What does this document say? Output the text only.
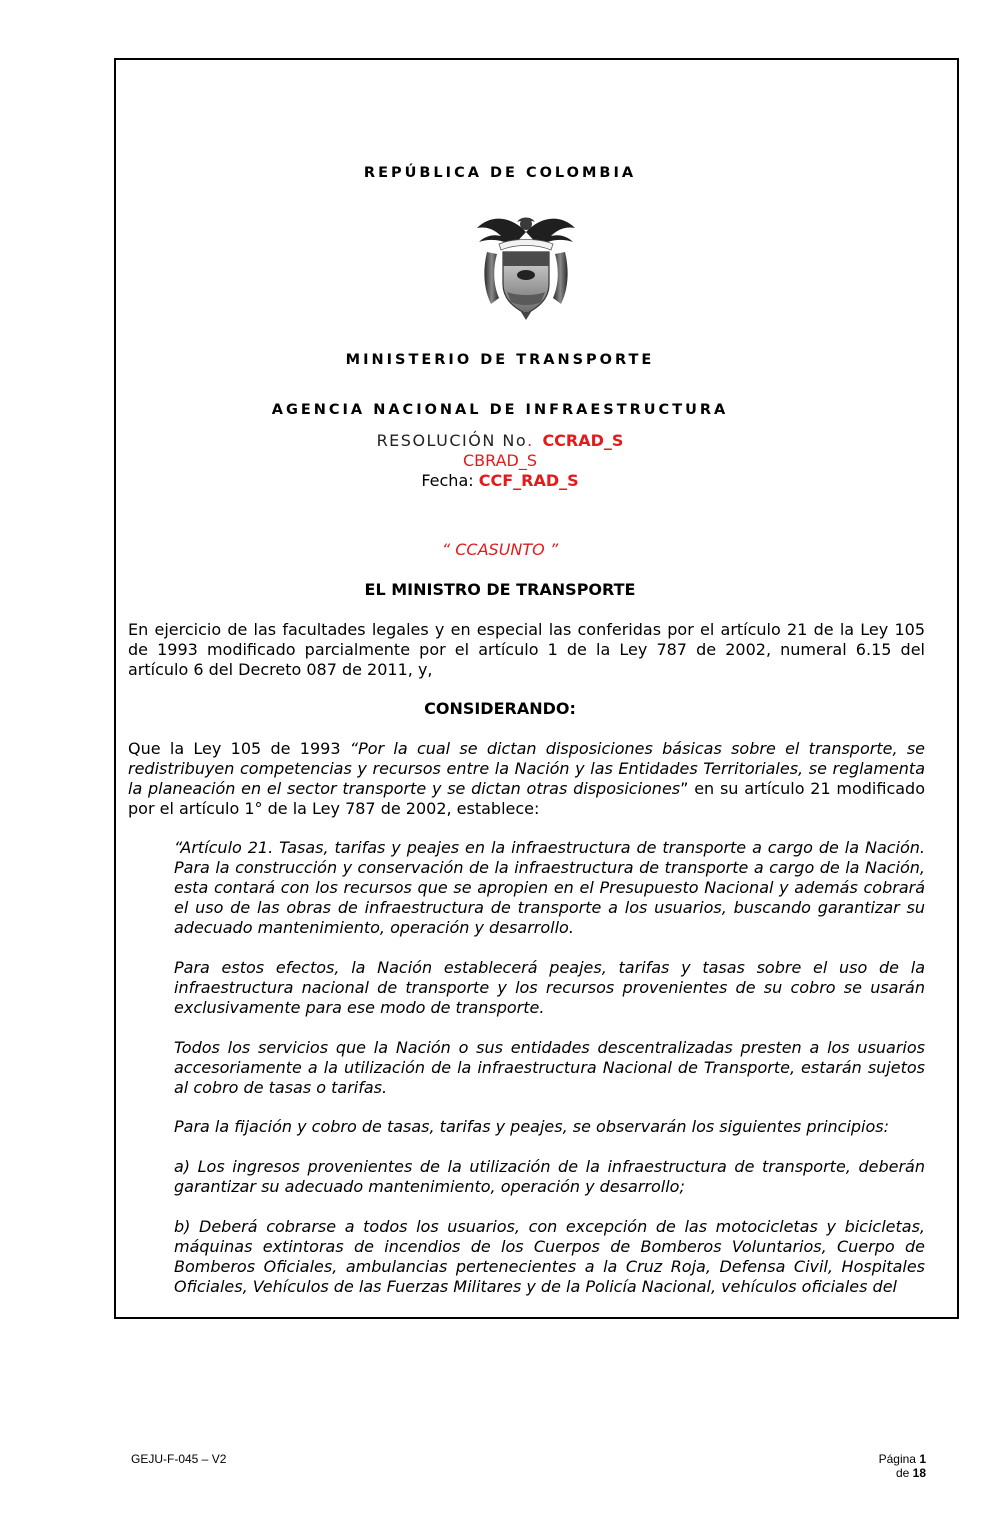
REPÚBLICA DE COLOMBIA
MINISTERIO DE TRANSPORTE
AGENCIA NACIONAL DE INFRAESTRUCTURA
RESOLUCIÓN No. CCRAD_S
CBRAD_S
Fecha: CCF_RAD_S
“ CCASUNTO ”
EL MINISTRO DE TRANSPORTE
En ejercicio de las facultades legales y en especial las conferidas por el artículo 21 de la Ley 105 de 1993 modificado parcialmente por el artículo 1 de la Ley 787 de 2002, numeral 6.15 del artículo 6 del Decreto 087 de 2011, y,
CONSIDERANDO:
Que la Ley 105 de 1993 “Por la cual se dictan disposiciones básicas sobre el transporte, se redistribuyen competencias y recursos entre la Nación y las Entidades Territoriales, se reglamenta la planeación en el sector transporte y se dictan otras disposiciones” en su artículo 21 modificado por el artículo 1° de la Ley 787 de 2002, establece:
“Artículo 21. Tasas, tarifas y peajes en la infraestructura de transporte a cargo de la Nación. Para la construcción y conservación de la infraestructura de transporte a cargo de la Nación, esta contará con los recursos que se apropien en el Presupuesto Nacional y además cobrará el uso de las obras de infraestructura de transporte a los usuarios, buscando garantizar su adecuado mantenimiento, operación y desarrollo.
Para estos efectos, la Nación establecerá peajes, tarifas y tasas sobre el uso de la infraestructura nacional de transporte y los recursos provenientes de su cobro se usarán exclusivamente para ese modo de transporte.
Todos los servicios que la Nación o sus entidades descentralizadas presten a los usuarios accesoriamente a la utilización de la infraestructura Nacional de Transporte, estarán sujetos al cobro de tasas o tarifas.
Para la fijación y cobro de tasas, tarifas y peajes, se observarán los siguientes principios:
a) Los ingresos provenientes de la utilización de la infraestructura de transporte, deberán garantizar su adecuado mantenimiento, operación y desarrollo;
b) Deberá cobrarse a todos los usuarios, con excepción de las motocicletas y bicicletas, máquinas extintoras de incendios de los Cuerpos de Bomberos Voluntarios, Cuerpo de Bomberos Oficiales, ambulancias pertenecientes a la Cruz Roja, Defensa Civil, Hospitales Oficiales, Vehículos de las Fuerzas Militares y de la Policía Nacional, vehículos oficiales del
GEJU-F-045 – V2	Página 1
de 18
